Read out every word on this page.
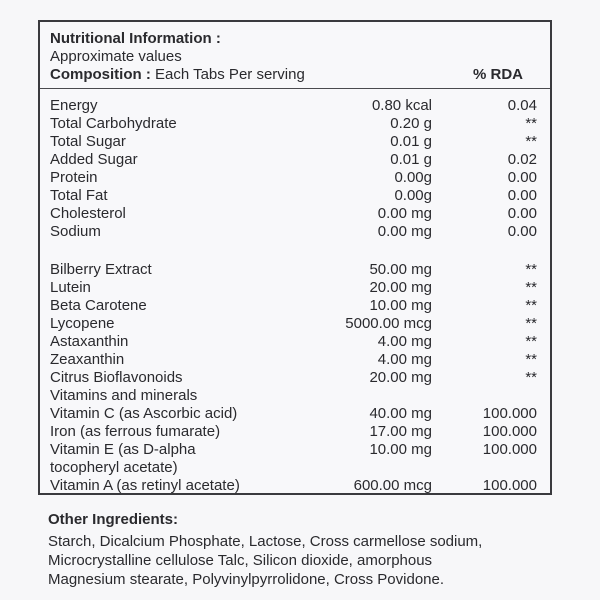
Nutritional Information :
Approximate values
Composition : Each Tabs Per serving	% RDA
Energy	0.80 kcal	0.04
Total Carbohydrate	0.20 g	**
Total Sugar	0.01 g	**
Added Sugar	0.01 g	0.02
Protein	0.00g	0.00
Total Fat	0.00g	0.00
Cholesterol	0.00 mg	0.00
Sodium	0.00 mg	0.00
Bilberry Extract	50.00 mg	**
Lutein	20.00 mg	**
Beta Carotene	10.00 mg	**
Lycopene	5000.00 mcg	**
Astaxanthin	4.00 mg	**
Zeaxanthin	4.00 mg	**
Citrus Bioflavonoids	20.00 mg	**
Vitamins and minerals
Vitamin C (as Ascorbic acid)	40.00 mg	100.000
Iron (as ferrous fumarate)	17.00 mg	100.000
Vitamin E (as D-alpha	10.00 mg	100.000
tocopheryl acetate)
Vitamin A (as retinyl acetate)	600.00 mcg	100.000
Other Ingredients:
Starch, Dicalcium Phosphate, Lactose, Cross carmellose sodium,
Microcrystalline cellulose Talc, Silicon dioxide, amorphous
Magnesium stearate, Polyvinylpyrrolidone, Cross Povidone.
